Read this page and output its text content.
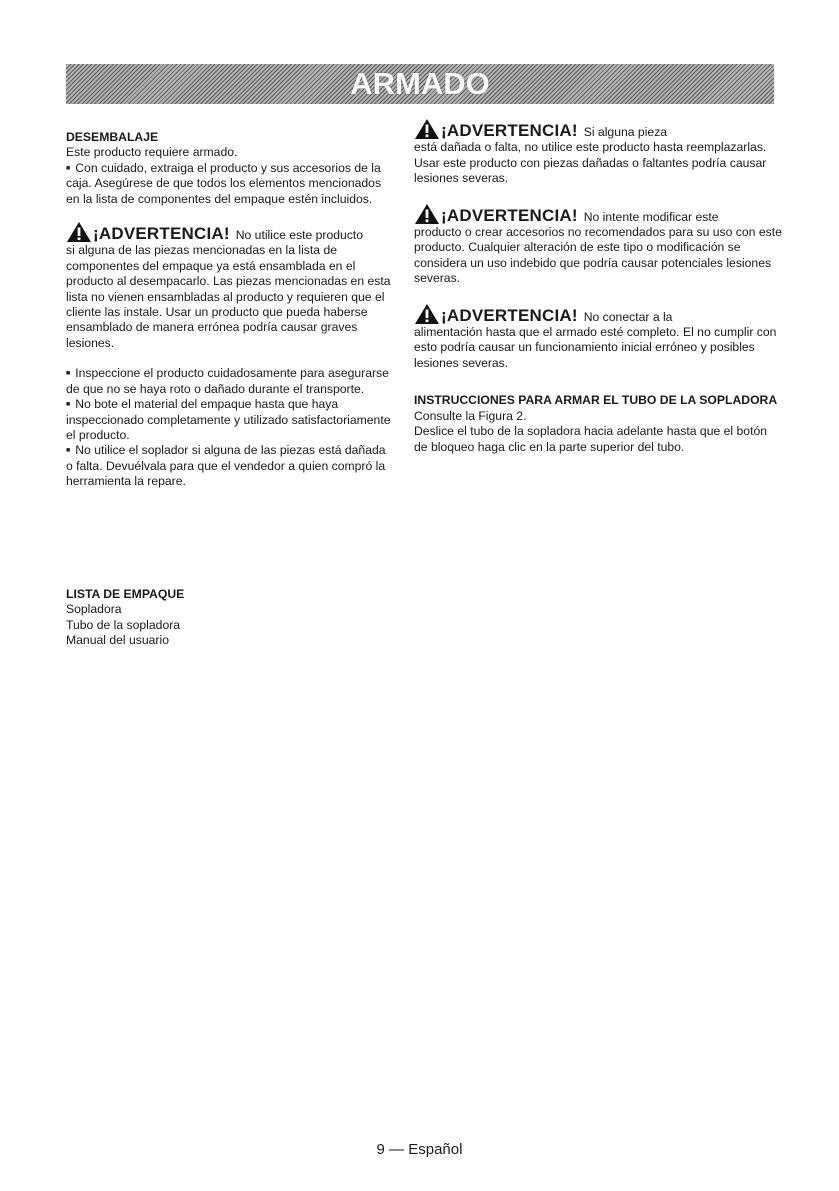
ARMADO

DESEMBALAJE

Este producto requiere armado.

■ Con cuidado, extraiga el producto y sus accesorios de la caja. Asegúrese de que todos los elementos mencionados en la lista de componentes del empaque estén incluidos.

¡ADVERTENCIA! No utilice este producto

si alguna de las piezas mencionadas en la lista de componentes del empaque ya está ensamblada en el producto al desempacarlo. Las piezas mencionadas en esta lista no vienen ensambladas al producto y requieren que el cliente las instale. Usar un producto que pueda haberse ensamblado de manera errónea podría causar graves lesiones.

■ Inspeccione el producto cuidadosamente para asegurarse de que no se haya roto o dañado durante el transporte.

■ No bote el material del empaque hasta que haya inspeccionado completamente y utilizado satisfactoriamente el producto.

■ No utilice el soplador si alguna de las piezas está dañada o falta. Devuélvala para que el vendedor a quien compró la herramienta la repare.

¡ADVERTENCIA! Si alguna pieza

está dañada o falta, no utilice este producto hasta reemplazarlas. Usar este producto con piezas dañadas o faltantes podría causar lesiones severas.

¡ADVERTENCIA! No intente modificar este

producto o crear accesorios no recomendados para su uso con este producto. Cualquier alteración de este tipo o modificación se considera un uso indebido que podría causar potenciales lesiones severas.

¡ADVERTENCIA! No conectar a la

alimentación hasta que el armado esté completo. El no cumplir con esto podría causar un funcionamiento inicial erróneo y posibles lesiones severas.

INSTRUCCIONES PARA ARMAR EL TUBO DE LA SOPLADORA

Consulte la Figura 2.

Deslice el tubo de la sopladora hacia adelante hasta que el botón de bloqueo haga clic en la parte superior del tubo.

LISTA DE EMPAQUE

Sopladora

Tubo de la sopladora

Manual del usuario

9 — Español
